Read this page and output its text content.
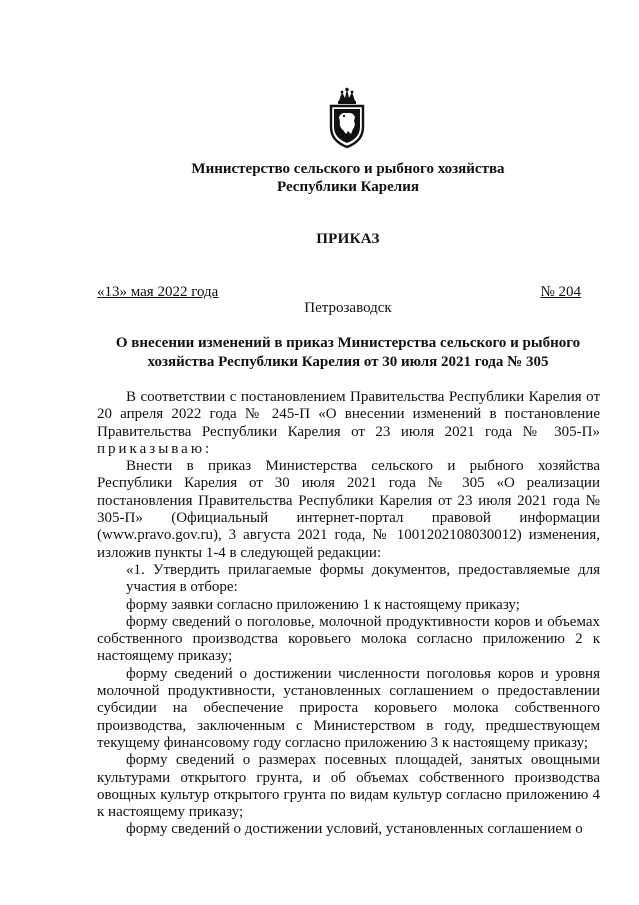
Министерство сельского и рыбного хозяйства
Республики Карелия
ПРИКАЗ
«13» мая 2022 года	№ 204
Петрозаводск
О внесении изменений в приказ Министерства сельского и рыбного
хозяйства Республики Карелия от 30 июля 2021 года № 305

В соответствии с постановлением Правительства Республики Карелия от 20 апреля 2022 года № 245-П «О внесении изменений в постановление Правительства Республики Карелия от 23 июля 2021 года № 305-П» приказываю:

Внести в приказ Министерства сельского и рыбного хозяйства Республики Карелия от 30 июля 2021 года № 305 «О реализации постановления Правительства Республики Карелия от 23 июля 2021 года № 305-П» (Официальный интернет-портал правовой информации (www.pravo.gov.ru), 3 августа 2021 года, № 1001202108030012) изменения, изложив пункты 1-4 в следующей редакции:

«1. Утвердить прилагаемые формы документов, предоставляемые для участия в отборе:

форму заявки согласно приложению 1 к настоящему приказу;

форму сведений о поголовье, молочной продуктивности коров и объемах собственного производства коровьего молока согласно приложению 2 к настоящему приказу;

форму сведений о достижении численности поголовья коров и уровня молочной продуктивности, установленных соглашением о предоставлении субсидии на обеспечение прироста коровьего молока собственного производства, заключенным с Министерством в году, предшествующем текущему финансовому году согласно приложению 3 к настоящему приказу;

форму сведений о размерах посевных площадей, занятых овощными культурами открытого грунта, и об объемах собственного производства овощных культур открытого грунта по видам культур согласно приложению 4 к настоящему приказу;

форму сведений о достижении условий, установленных соглашением о
